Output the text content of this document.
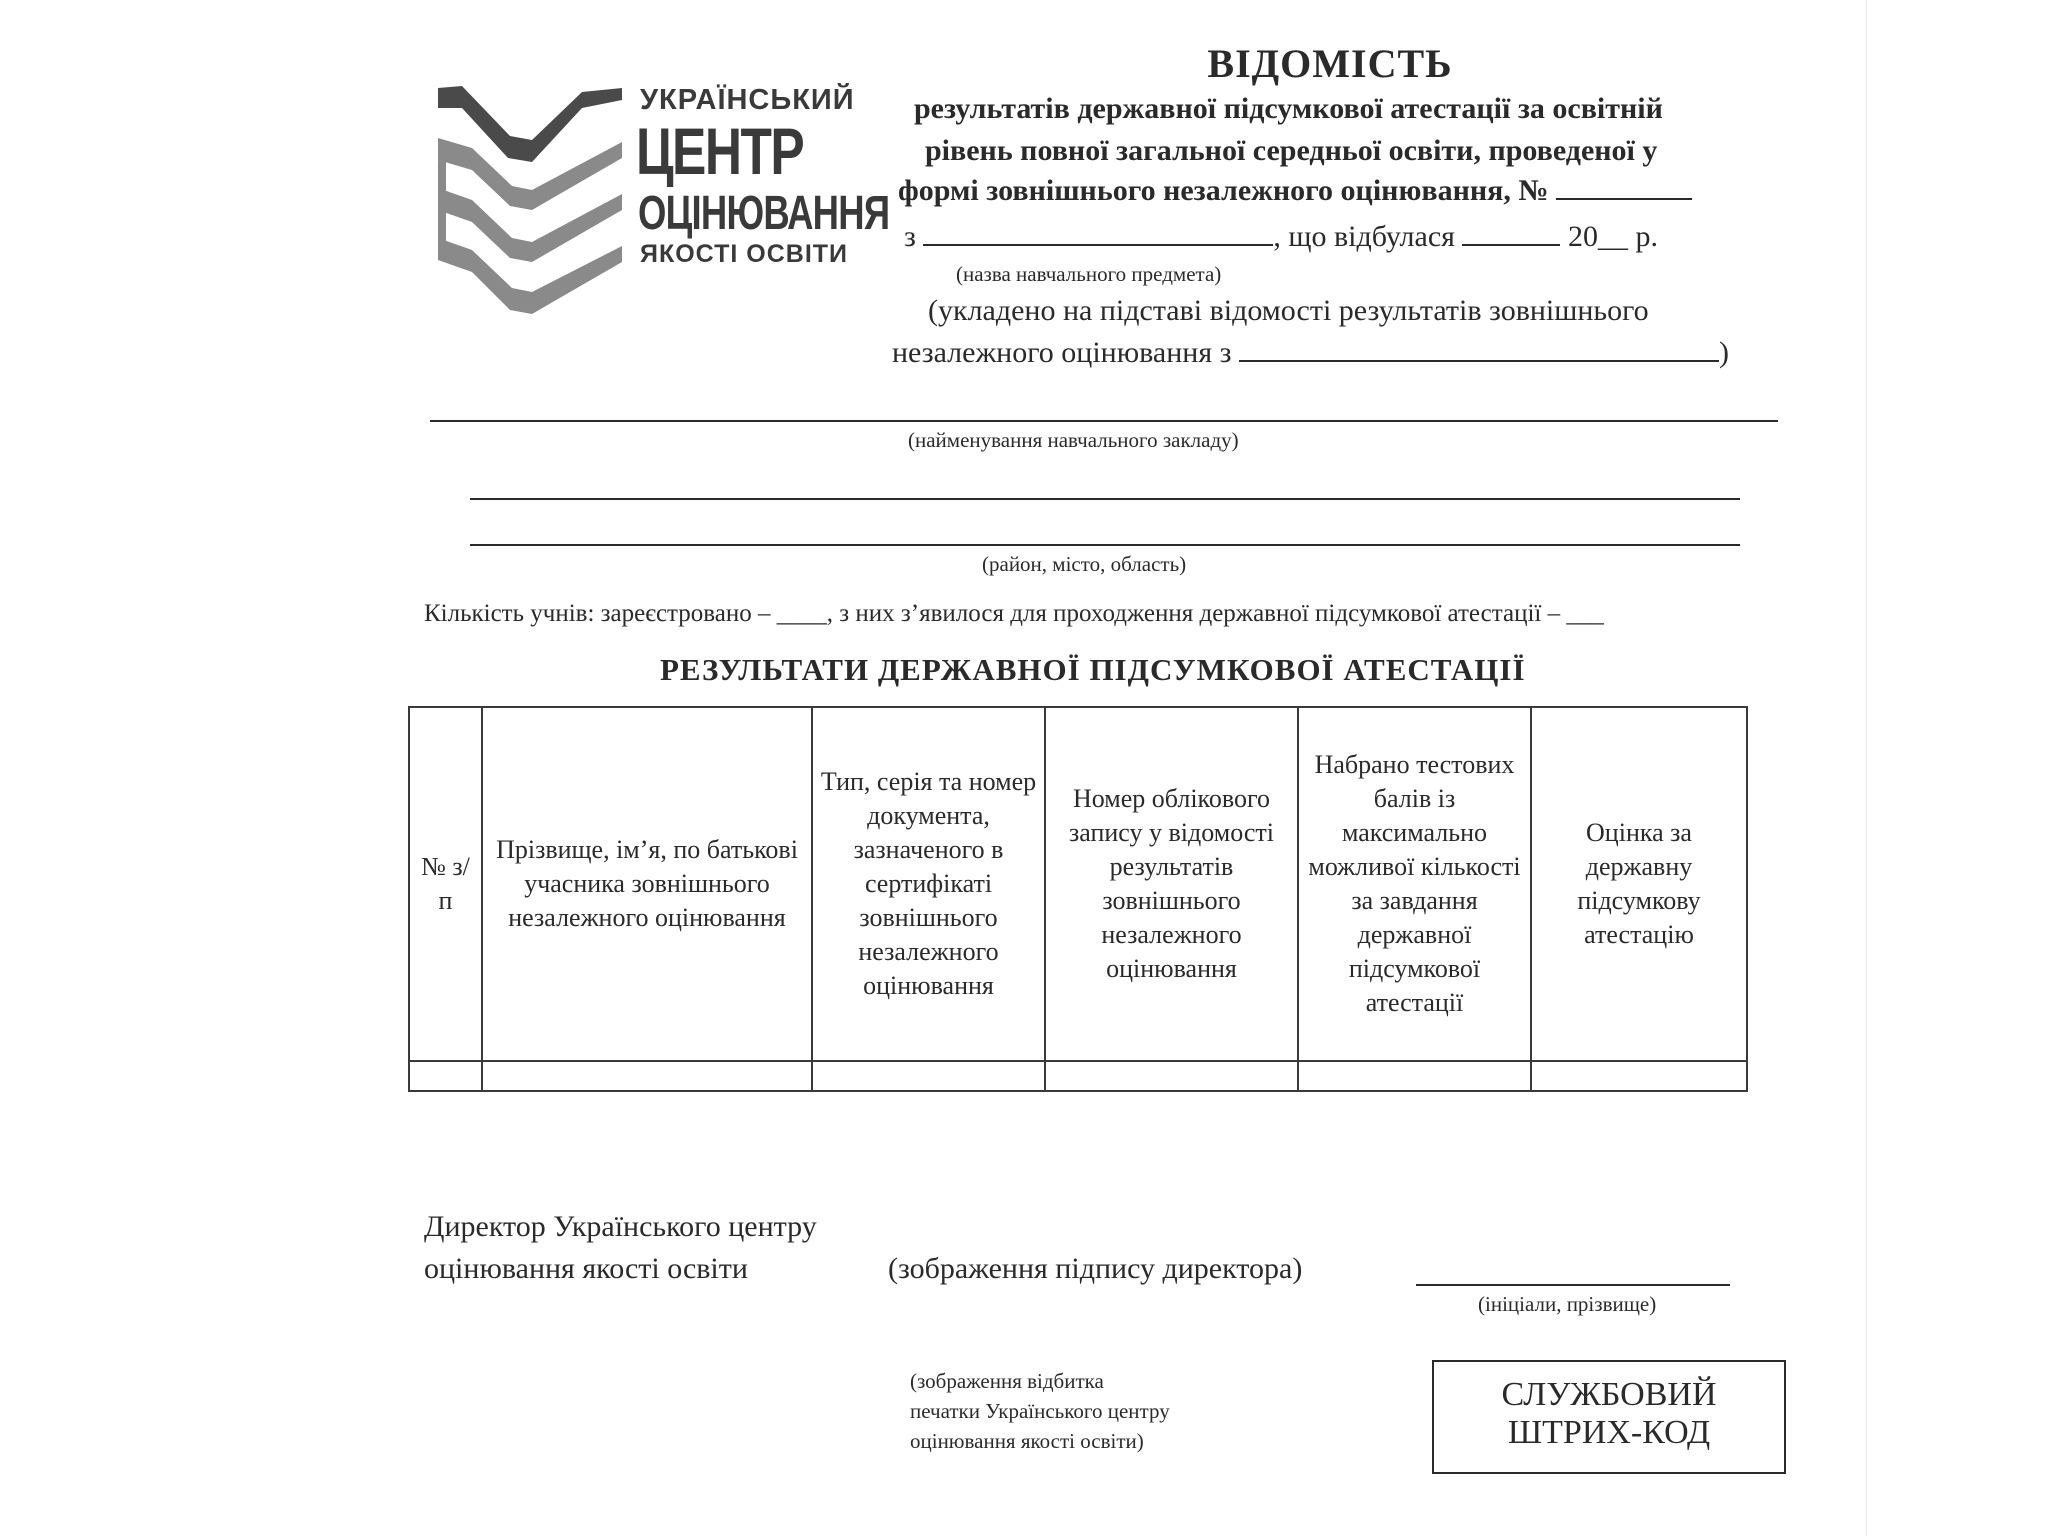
УКРАЇНСЬКИЙ
ЦЕНТР
ОЦІНЮВАННЯ
ЯКОСТІ ОСВІТИ
ВІДОМІСТЬ
результатів державної підсумкової атестації за освітній
рівень повної загальної середньої освіти, проведеної у
формі зовнішнього незалежного оцінювання, №
з	, що відбулася	20__ р.
(назва навчального предмета)
(укладено на підставі відомості результатів зовнішнього
незалежного оцінювання з	)
(найменування навчального закладу)
(район, місто, область)
Кількість учнів: зареєстровано – ____, з них з’явилося для проходження державної підсумкової атестації – ___
РЕЗУЛЬТАТИ ДЕРЖАВНОЇ ПІДСУМКОВОЇ АТЕСТАЦІЇ
№ з/п	Прізвище, ім’я, по батькові учасника зовнішнього незалежного оцінювання	Тип, серія та номер документа, зазначеного в сертифікаті зовнішнього незалежного оцінювання	Номер облікового запису у відомості результатів зовнішнього незалежного оцінювання	Набрано тестових балів із максимально можливої кількості за завдання державної підсумкової атестації	Оцінка за державну підсумкову атестацію

Директор Українського центру
оцінювання якості освіти	(зображення підпису директора)
(ініціали, прізвище)
(зображення відбитка
печатки Українського центру
оцінювання якості освіти)
СЛУЖБОВИЙ
ШТРИХ-КОД
